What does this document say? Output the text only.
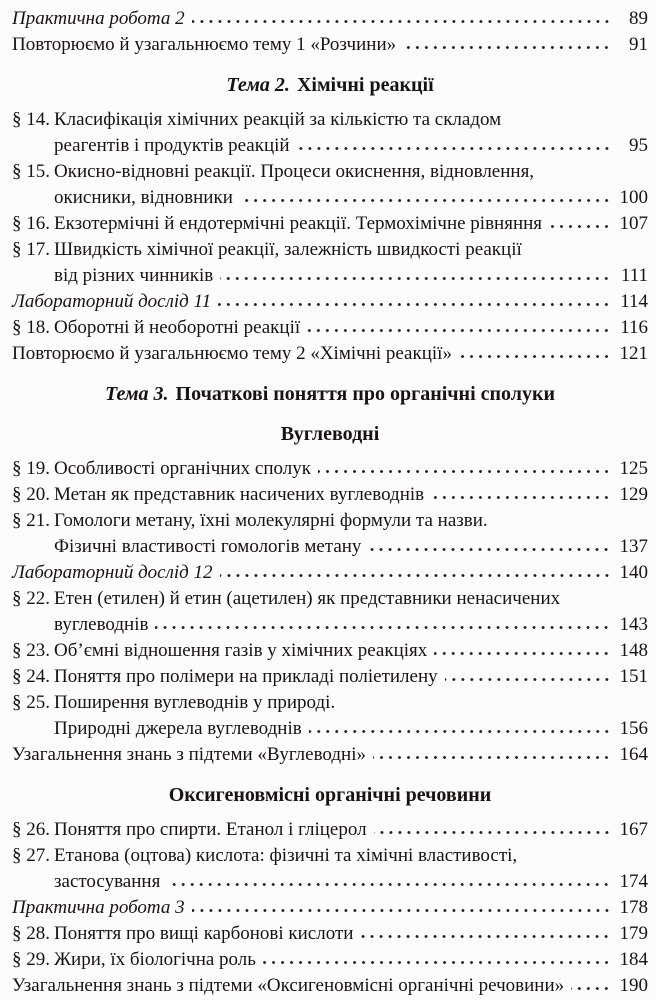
Практична робота 2	89
Повторюємо й узагальнюємо тему 1 «Розчини»	91
Тема 2. Хімічні реакції
§ 14. Класифікація хімічних реакцій за кількістю та складом
реагентів і продуктів реакцій	95
§ 15. Окисно-відновні реакції. Процеси окиснення, відновлення,
окисники, відновники	100
§ 16. Екзотермічні й ендотермічні реакції. Термохімічне рівняння	107
§ 17. Швидкість хімічної реакції, залежність швидкості реакції
від різних чинників	111
Лабораторний дослід 11	114
§ 18. Оборотні й необоротні реакції	116
Повторюємо й узагальнюємо тему 2 «Хімічні реакції»	121
Тема 3. Початкові поняття про органічні сполуки
Вуглеводні
§ 19. Особливості органічних сполук	125
§ 20. Метан як представник насичених вуглеводнів	129
§ 21. Гомологи метану, їхні молекулярні формули та назви.
Фізичні властивості гомологів метану	137
Лабораторний дослід 12	140
§ 22. Етен (етилен) й етин (ацетилен) як представники ненасичених
вуглеводнів	143
§ 23. Об’ємні відношення газів у хімічних реакціях	148
§ 24. Поняття про полімери на прикладі поліетилену	151
§ 25. Поширення вуглеводнів у природі.
Природні джерела вуглеводнів	156
Узагальнення знань з підтеми «Вуглеводні»	164
Оксигеновмісні органічні речовини
§ 26. Поняття про спирти. Етанол і гліцерол	167
§ 27. Етанова (оцтова) кислота: фізичні та хімічні властивості,
застосування	174
Практична робота 3	178
§ 28. Поняття про вищі карбонові кислоти	179
§ 29. Жири, їх біологічна роль	184
Узагальнення знань з підтеми «Оксигеновмісні органічні речовини»	190
